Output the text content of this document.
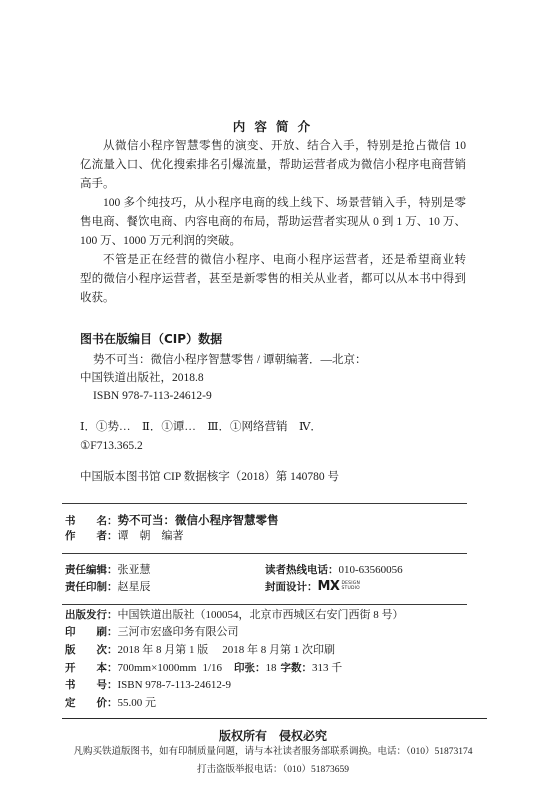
内 容 简 介
从微信小程序智慧零售的演变、开放、结合入手，特别是抢占微信 10
亿流量入口、优化搜索排名引爆流量，帮助运营者成为微信小程序电商营销
高手。
100 多个纯技巧，从小程序电商的线上线下、场景营销入手，特别是零
售电商、餐饮电商、内容电商的布局，帮助运营者实现从 0 到 1 万、10 万、
100 万、1000 万元利润的突破。
不管是正在经营的微信小程序、电商小程序运营者，还是希望商业转
型的微信小程序运营者，甚至是新零售的相关从业者，都可以从本书中得到
收获。
图书在版编目（CIP）数据
势不可当：微信小程序智慧零售 / 谭朝编著．—北京：
中国铁道出版社，2018.8
ISBN 978-7-113-24612-9
Ⅰ．①势…　Ⅱ．①谭…　Ⅲ．①网络营销　Ⅳ．
①F713.365.2
中国版本图书馆 CIP 数据核字（2018）第 140780 号
书　　名：势不可当：微信小程序智慧零售
作　　者：谭　朝　编著
责任编辑：张亚慧	读者热线电话：010-63560056
责任印制：赵星辰	封面设计： MX DESIGN
STUDIO
出版发行：中国铁道出版社（100054，北京市西城区右安门西街 8 号）
印　　刷：三河市宏盛印务有限公司
版　　次：2018 年 8 月第 1 版 2018 年 8 月第 1 次印刷
开　　本：700mm×1000mm 1/16 印张：18 字数：313 千
书　　号：ISBN 978-7-113-24612-9
定　　价：55.00 元
版权所有　侵权必究
凡购买铁道版图书，如有印制质量问题，请与本社读者服务部联系调换。电话：（010）51873174
打击盗版举报电话：（010）51873659
